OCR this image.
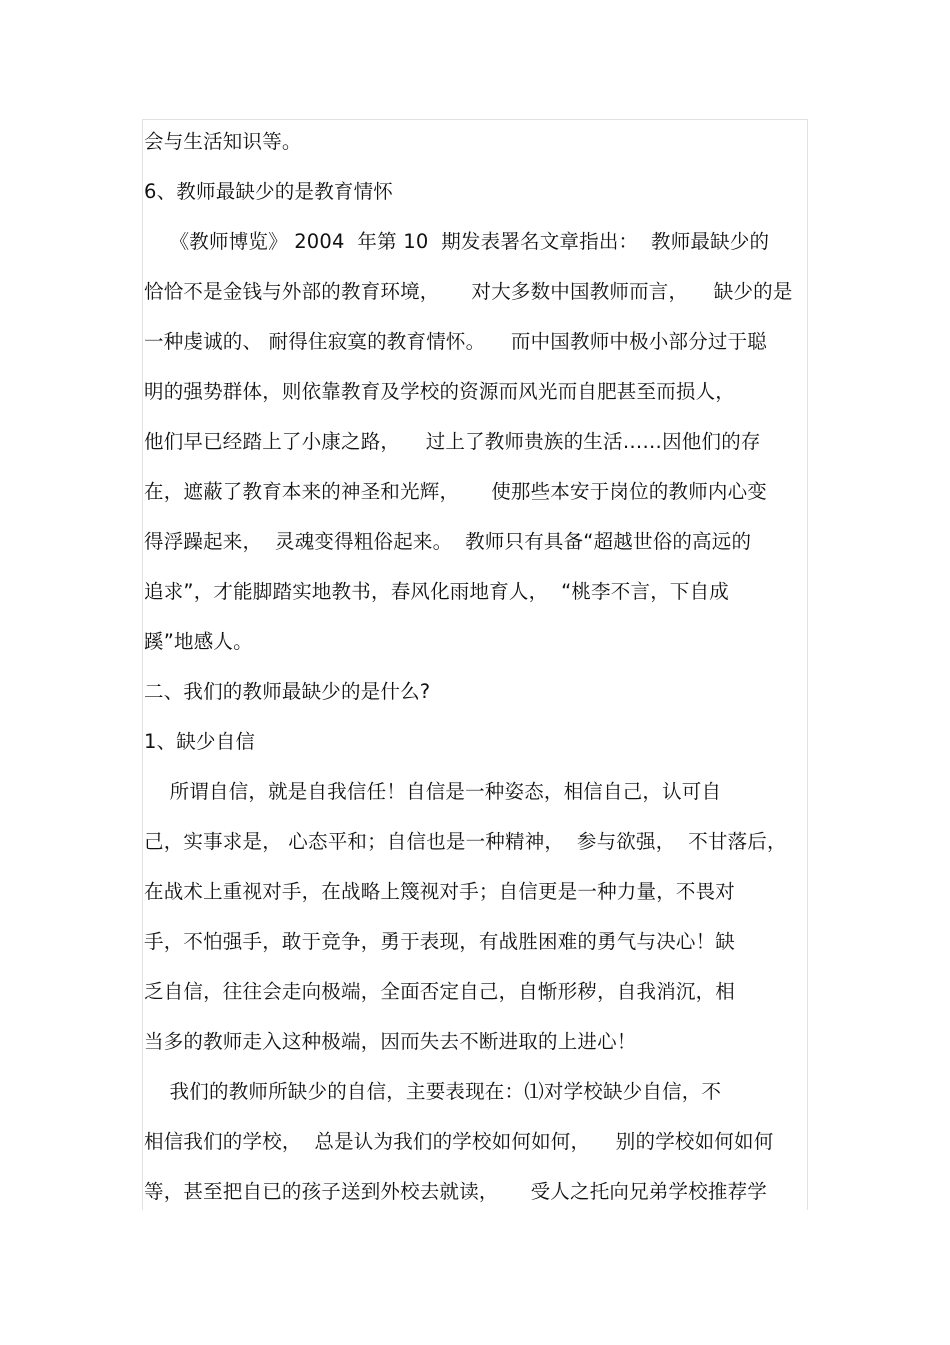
会与生活知识等。
6、教师最缺少的是教育情怀
《教师博览》 2004  年第 10  期发表署名文章指出：  教师最缺少的
恰恰不是金钱与外部的教育环境，     对大多数中国教师而言，    缺少的是
一种虔诚的、 耐得住寂寞的教育情怀。    而中国教师中极小部分过于聪
明的强势群体，则依靠教育及学校的资源而风光而自肥甚至而损人，
他们早已经踏上了小康之路，    过上了教师贵族的生活……因他们的存
在，遮蔽了教育本来的神圣和光辉，     使那些本安于岗位的教师内心变
得浮躁起来，  灵魂变得粗俗起来。  教师只有具备“超越世俗的高远的
追求”，才能脚踏实地教书，春风化雨地育人，  “桃李不言，下自成
蹊”地感人。
二、我们的教师最缺少的是什么?
1、缺少自信
所谓自信，就是自我信任！自信是一种姿态，相信自己，认可自
己，实事求是， 心态平和；自信也是一种精神，  参与欲强，  不甘落后，
在战术上重视对手，在战略上篾视对手；自信更是一种力量，不畏对
手，不怕强手，敢于竞争，勇于表现，有战胜困难的勇气与决心！缺
乏自信，往往会走向极端，全面否定自己，自惭形秽，自我消沉，相
当多的教师走入这种极端，因而失去不断进取的上进心！
我们的教师所缺少的自信，主要表现在：⑴对学校缺少自信，不
相信我们的学校，  总是认为我们的学校如何如何，    别的学校如何如何
等，甚至把自已的孩子送到外校去就读，     受人之托向兄弟学校推荐学
